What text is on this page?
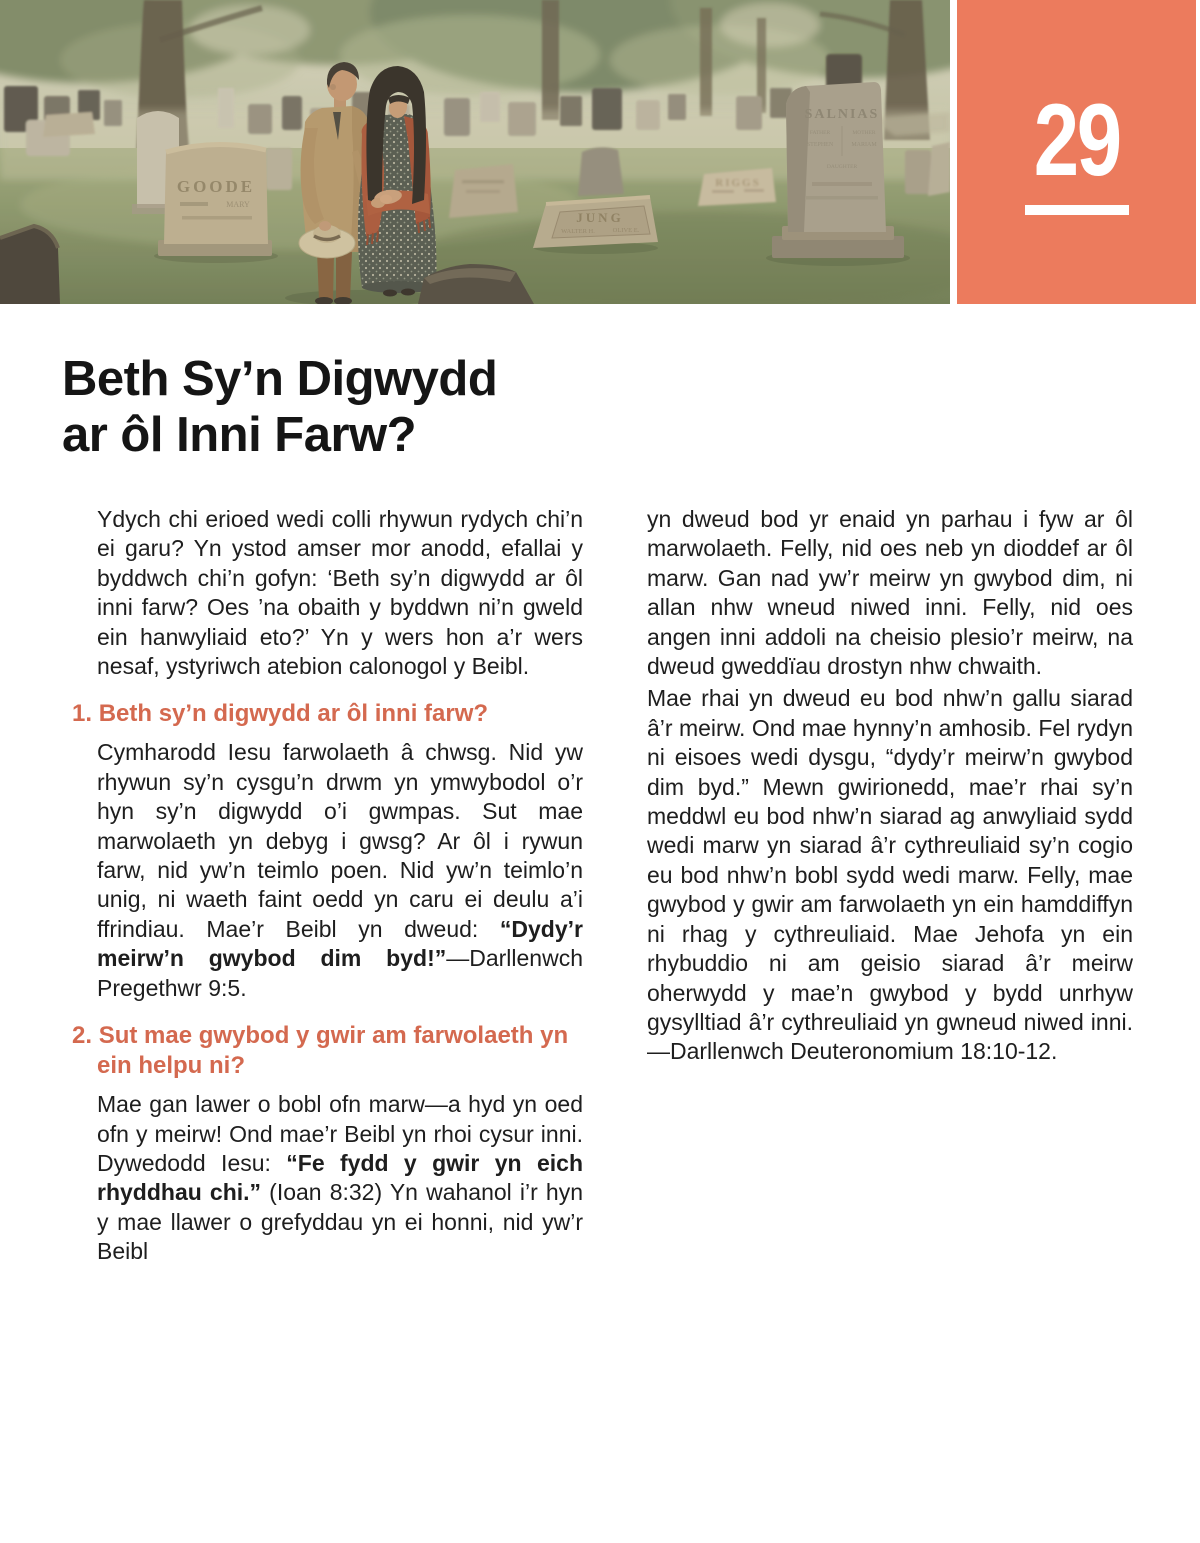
GOODE
MARY
RIGGS
SALNIAS
FATHER	MOTHER
STEPHEN	MARIAM
DAUGHTER
JUNG
WALTER H.	OLIVE E.
29
Beth Sy’n Digwydd
ar ôl Inni Farw?

Ydych chi erioed wedi colli rhywun rydych chi’n ei garu? Yn ystod amser mor anodd, efallai y byddwch chi’n gofyn: ‘Beth sy’n digwydd ar ôl inni farw? Oes ’na obaith y byddwn ni’n gweld ein hanwyliaid eto?’ Yn y wers hon a’r wers nesaf, ystyriwch atebion calonogol y Beibl.

1. Beth sy’n digwydd ar ôl inni farw?

Cymharodd Iesu farwolaeth â chwsg. Nid yw rhywun sy’n cysgu’n drwm yn ymwybodol o’r hyn sy’n digwydd o’i gwmpas. Sut mae marwolaeth yn debyg i gwsg? Ar ôl i rywun farw, nid yw’n teimlo poen. Nid yw’n teimlo’n unig, ni waeth faint oedd yn caru ei deulu a’i ffrindiau. Mae’r Beibl yn dweud: “Dydy’r meirw’n gwybod dim byd!”—Darllenwch Pregethwr 9:5.

2. Sut mae gwybod y gwir am farwolaeth yn ein helpu ni?

Mae gan lawer o bobl ofn marw—a hyd yn oed ofn y meirw! Ond mae’r Beibl yn rhoi cysur inni. Dywedodd Iesu: “Fe fydd y gwir yn eich rhyddhau chi.” (Ioan 8:32) Yn wahanol i’r hyn y mae llawer o grefyddau yn ei honni, nid yw’r Beibl

yn dweud bod yr enaid yn parhau i fyw ar ôl marwolaeth. Felly, nid oes neb yn dioddef ar ôl marw. Gan nad yw’r meirw yn gwybod dim, ni allan nhw wneud niwed inni. Felly, nid oes angen inni addoli na cheisio plesio’r meirw, na dweud gweddïau drostyn nhw chwaith.

Mae rhai yn dweud eu bod nhw’n gallu siarad â’r meirw. Ond mae hynny’n amhosib. Fel rydyn ni eisoes wedi dysgu, “dydy’r meirw’n gwybod dim byd.” Mewn gwirionedd, mae’r rhai sy’n meddwl eu bod nhw’n siarad ag anwyliaid sydd wedi marw yn siarad â’r cythreuliaid sy’n cogio eu bod nhw’n bobl sydd wedi marw. Felly, mae gwybod y gwir am farwolaeth yn ein hamddiffyn ni rhag y cythreuliaid. Mae Jehofa yn ein rhybuddio ni am geisio siarad â’r meirw oherwydd y mae’n gwybod y bydd unrhyw gysylltiad â’r cythreuliaid yn gwneud niwed inni.—Darllenwch Deuteronomium 18:10-12.
